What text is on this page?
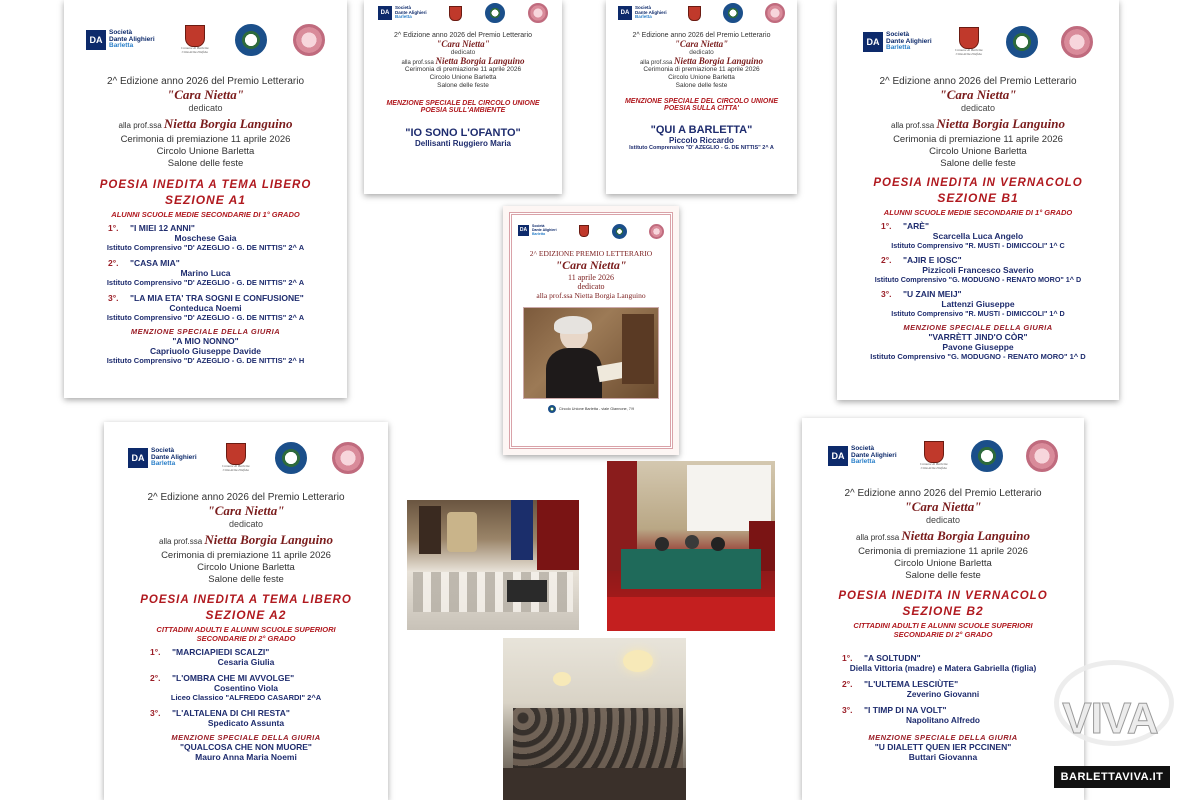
DA
Società
Dante Alighieri
Barletta	Comune di Barletta
Città della Disfida
2^ Edizione anno 2026 del Premio Letterario
"Cara Nietta"
dedicato
alla prof.ssa Nietta Borgia Languino
Cerimonia di premiazione 11 aprile 2026
Circolo Unione Barletta
Salone delle feste
POESIA INEDITA A TEMA LIBERO
SEZIONE A1
ALUNNI SCUOLE MEDIE SECONDARIE DI 1° GRADO
1°. "I MIEI 12 ANNI"
Moschese Gaia
Istituto Comprensivo "D' AZEGLIO - G. DE NITTIS" 2^ A
2°. "CASA MIA"
Marino Luca
Istituto Comprensivo "D' AZEGLIO - G. DE NITTIS" 2^ A
3°. "LA MIA ETA' TRA SOGNI E CONFUSIONE"
Conteduca Noemi
Istituto Comprensivo "D' AZEGLIO - G. DE NITTIS" 2^ A
MENZIONE SPECIALE DELLA GIURIA
"A MIO NONNO"
Capriuolo Giuseppe Davide
Istituto Comprensivo "D' AZEGLIO - G. DE NITTIS" 2^ H
DA
Società
Dante Alighieri
Barletta
2^ Edizione anno 2026 del Premio Letterario
"Cara Nietta"
dedicato
alla prof.ssa Nietta Borgia Languino
Cerimonia di premiazione 11 aprile 2026
Circolo Unione Barletta
Salone delle feste
MENZIONE SPECIALE DEL CIRCOLO UNIONE
POESIA SULL'AMBIENTE
"IO SONO L'OFANTO"
Dellisanti Ruggiero Maria
DA
Società
Dante Alighieri
Barletta
2^ Edizione anno 2026 del Premio Letterario
"Cara Nietta"
dedicato
alla prof.ssa Nietta Borgia Languino
Cerimonia di premiazione 11 aprile 2026
Circolo Unione Barletta
Salone delle feste
MENZIONE SPECIALE DEL CIRCOLO UNIONE
POESIA SULLA CITTA'
"QUI A BARLETTA"
Piccolo Riccardo
Istituto Comprensivo "D' AZEGLIO - G. DE NITTIS" 2^ A
DA
Società
Dante Alighieri
Barletta	Comune di Barletta
Città della Disfida
2^ Edizione anno 2026 del Premio Letterario
"Cara Nietta"
dedicato
alla prof.ssa Nietta Borgia Languino
Cerimonia di premiazione 11 aprile 2026
Circolo Unione Barletta
Salone delle feste
POESIA INEDITA IN VERNACOLO
SEZIONE B1
ALUNNI SCUOLE MEDIE SECONDARIE DI 1° GRADO
1°. "ARÈ"
Scarcella Luca Angelo
Istituto Comprensivo "R. MUSTI - DIMICCOLI" 1^ C
2°. "AJIR E IOSC"
Pizzicoli Francesco Saverio
Istituto Comprensivo "G. MODUGNO - RENATO MORO" 1^ D
3°. "U ZAIN MEIJ"
Lattenzi Giuseppe
Istituto Comprensivo "R. MUSTI - DIMICCOLI" 1^ D
MENZIONE SPECIALE DELLA GIURIA
"VARRÈTT JIND'O CÒR"
Pavone Giuseppe
Istituto Comprensivo "G. MODUGNO - RENATO MORO" 1^ D
DA
Società
Dante Alighieri
Barletta
2^ EDIZIONE PREMIO LETTERARIO
"Cara Nietta"
11 aprile 2026
dedicato
alla prof.ssa Nietta Borgia Languino
Circolo Unione Barletta - viale Giannone, 7/9
DA
Società
Dante Alighieri
Barletta	Comune di Barletta
Città della Disfida
2^ Edizione anno 2026 del Premio Letterario
"Cara Nietta"
dedicato
alla prof.ssa Nietta Borgia Languino
Cerimonia di premiazione 11 aprile 2026
Circolo Unione Barletta
Salone delle feste
POESIA INEDITA A TEMA LIBERO
SEZIONE A2
CITTADINI ADULTI E ALUNNI SCUOLE SUPERIORI
SECONDARIE DI 2° GRADO
1°. "MARCIAPIEDI SCALZI"
Cesaria Giulia
2°. "L'OMBRA CHE MI AVVOLGE"
Cosentino Viola
Liceo Classico "ALFREDO CASARDI" 2^A
3°. "L'ALTALENA DI CHI RESTA"
Spedicato Assunta
MENZIONE SPECIALE DELLA GIURIA
"QUALCOSA CHE NON MUORE"
Mauro Anna Maria Noemi
DA
Società
Dante Alighieri
Barletta	Comune di Barletta
Città della Disfida
2^ Edizione anno 2026 del Premio Letterario
"Cara Nietta"
dedicato
alla prof.ssa Nietta Borgia Languino
Cerimonia di premiazione 11 aprile 2026
Circolo Unione Barletta
Salone delle feste
POESIA INEDITA IN VERNACOLO
SEZIONE B2
CITTADINI ADULTI E ALUNNI SCUOLE SUPERIORI
SECONDARIE DI 2° GRADO
1°. "A SOLTUDN"
Diella Vittoria (madre) e Matera Gabriella (figlia)
2°. "L'ULTEMA LESCIÙTE"
Zeverino Giovanni
3°. "I TIMP DI NA VOLT"
Napolitano Alfredo
MENZIONE SPECIALE DELLA GIURIA
"U DIALETT QUEN IER PCCINEN"
Buttari Giovanna
VIVA
BARLETTAVIVA.IT
